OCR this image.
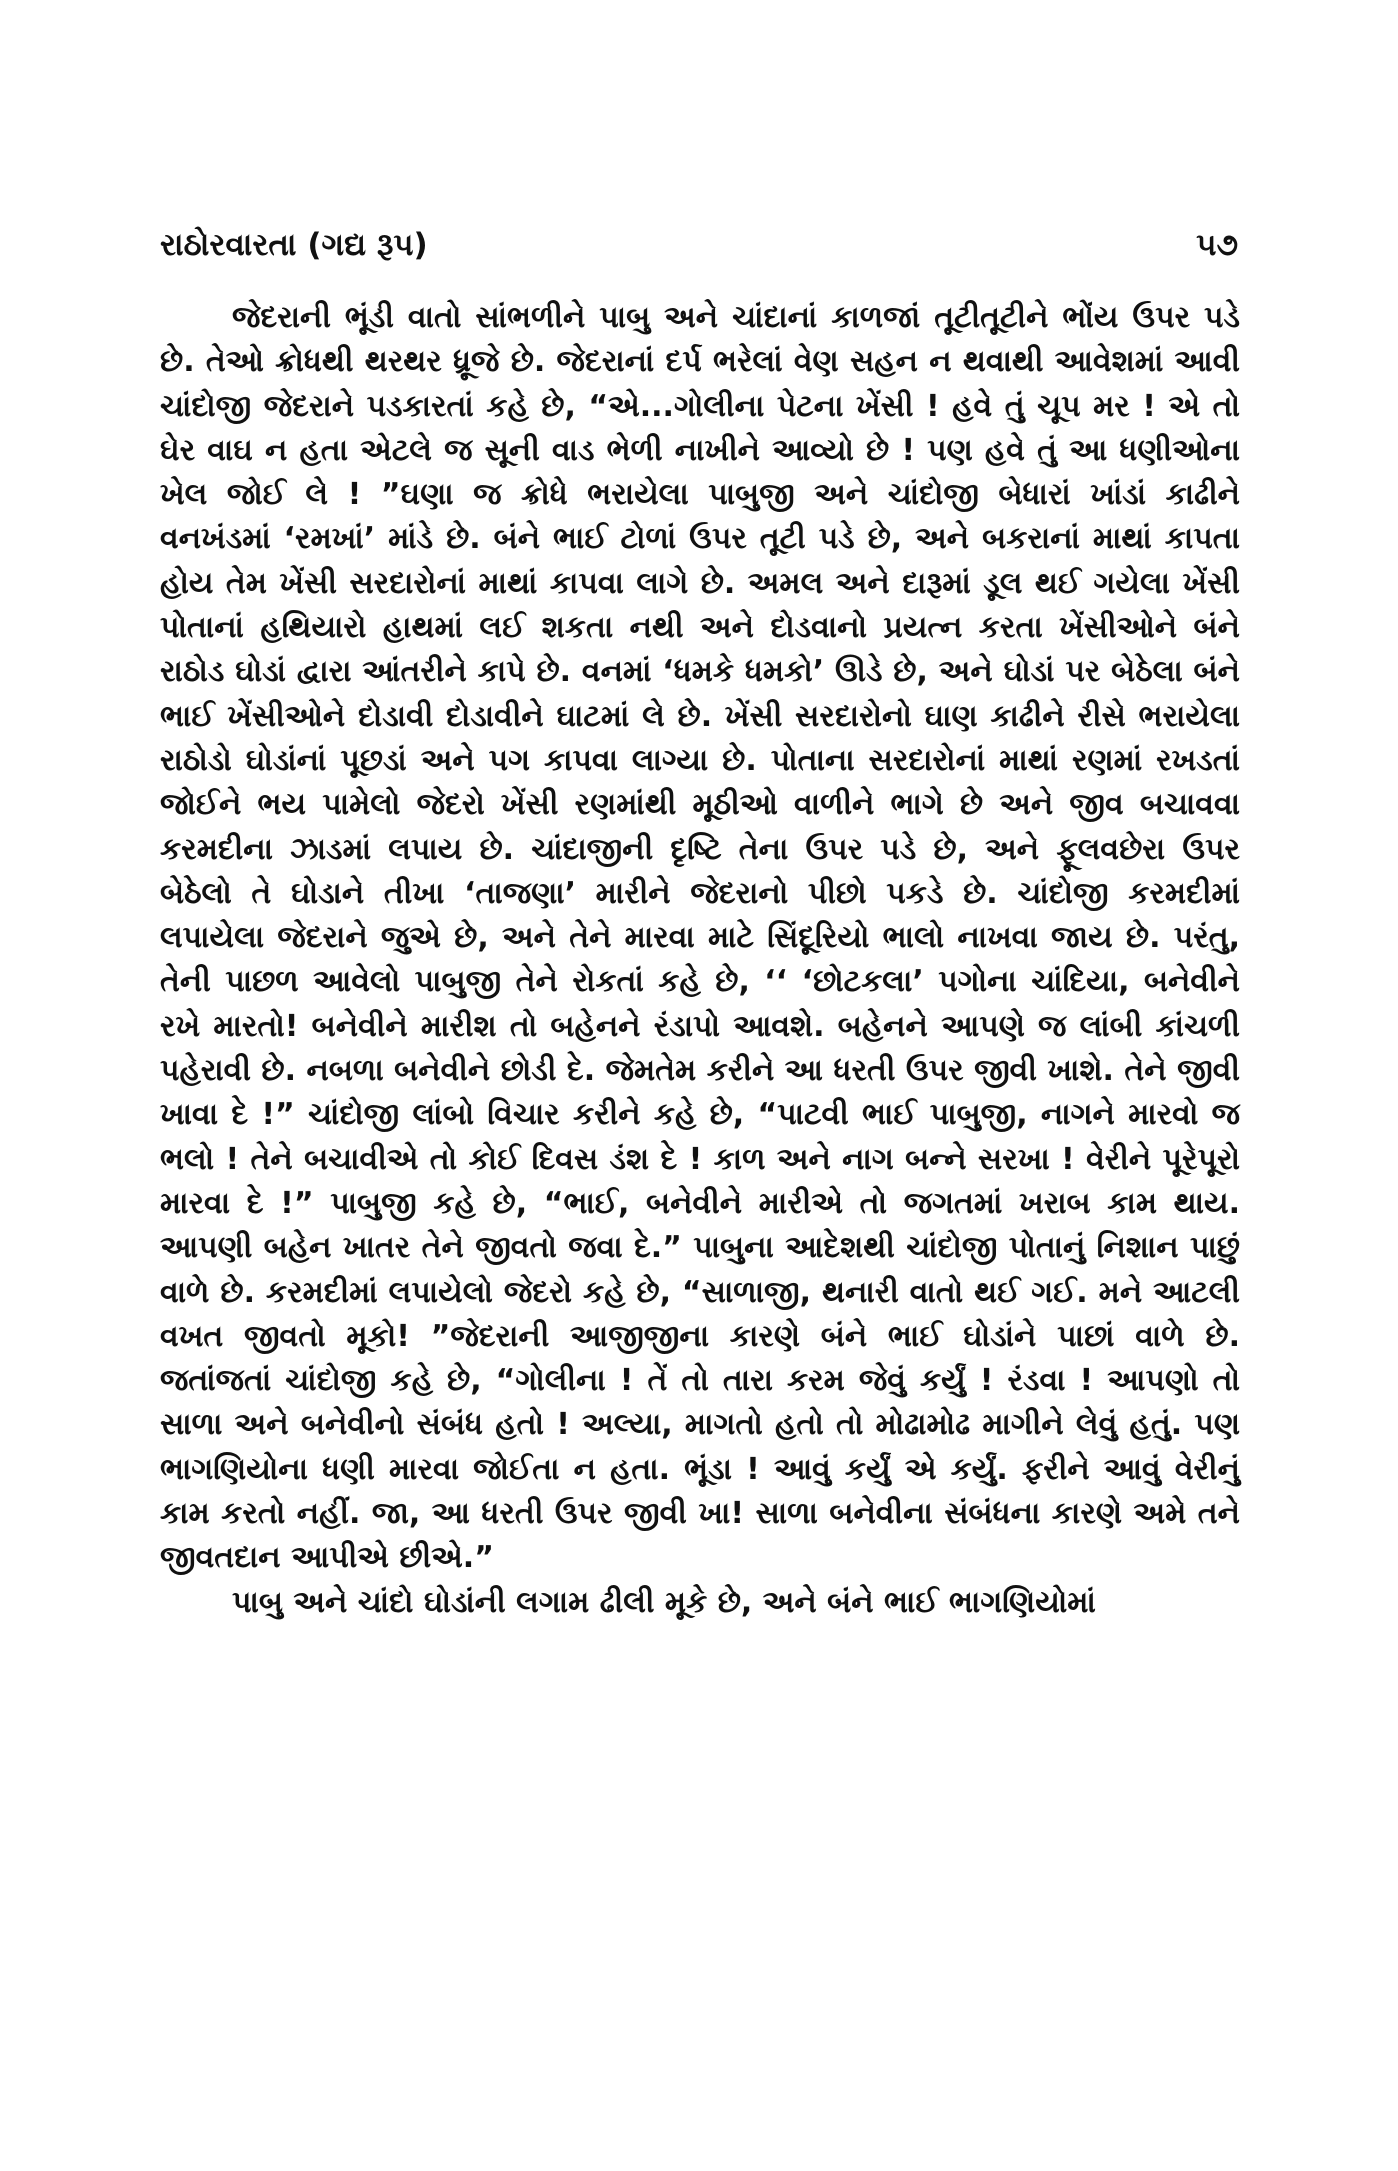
રાઠોરવારતા (ગદ્ય રૂપ)	૫૭

જેદરાની ભૂંડી વાતો સાંભળીને પાબુ અને ચાંદાનાં કાળજાં તૂટીતૂટીને ભોંય ઉપર પડે છે. તેઓ ક્રોધથી થરથર ધ્રૂજે છે. જેદરાનાં દર્પ ભરેલાં વેણ સહન ન થવાથી આવેશમાં આવી ચાંદોજી જેદરાને પડકારતાં કહે છે, “એ...ગોલીના પેટના ખેંસી ! હવે તું ચૂપ મર ! એ તો ઘેર વાઘ ન હતા એટલે જ સૂની વાડ ભેળી નાખીને આવ્યો છે ! પણ હવે તું આ ધણીઓના ખેલ જોઈ લે ! ”ઘણા જ ક્રોધે ભરાયેલા પાબુજી અને ચાંદોજી બેધારાં ખાંડાં કાઢીને વનખંડમાં ‘રમખાં’ માંડે છે. બંને ભાઈ ટોળાં ઉપર તૂટી પડે છે, અને બકરાનાં માથાં કાપતા હોય તેમ ખેંસી સરદારોનાં માથાં કાપવા લાગે છે. અમલ અને દારૂમાં ડૂલ થઈ ગયેલા ખેંસી પોતાનાં હથિયારો હાથમાં લઈ શકતા નથી અને દોડવાનો પ્રયત્ન કરતા ખેંસીઓને બંને રાઠોડ ઘોડાં દ્વારા આંતરીને કાપે છે. વનમાં ‘ધમકે ધમકો’ ઊડે છે, અને ઘોડાં પર બેઠેલા બંને ભાઈ ખેંસીઓને દોડાવી દોડાવીને ઘાટમાં લે છે. ખેંસી સરદારોનો ઘાણ કાઢીને રીસે ભરાયેલા રાઠોડો ઘોડાંનાં પૂછડાં અને પગ કાપવા લાગ્યા છે. પોતાના સરદારોનાં માથાં રણમાં રખડતાં જોઈને ભય પામેલો જેદરો ખેંસી રણમાંથી મૂઠીઓ વાળીને ભાગે છે અને જીવ બચાવવા કરમદીના ઝાડમાં લપાય છે. ચાંદાજીની દૃષ્ટિ તેના ઉપર પડે છે, અને ફૂલવછેરા ઉપર બેઠેલો તે ઘોડાને તીખા ‘તાજણા’ મારીને જેદરાનો પીછો પકડે છે. ચાંદોજી કરમદીમાં લપાયેલા જેદરાને જુએ છે, અને તેને મારવા માટે સિંદૂરિયો ભાલો નાખવા જાય છે. પરંતુ, તેની પાછળ આવેલો પાબુજી તેને રોકતાં કહે છે, ‘‘ ‘છોટકલા’ પગોના ચાંદિયા, બનેવીને રખે મારતો! બનેવીને મારીશ તો બહેનને રંડાપો આવશે. બહેનને આપણે જ લાંબી કાંચળી પહેરાવી છે. નબળા બનેવીને છોડી દે. જેમતેમ કરીને આ ધરતી ઉપર જીવી ખાશે. તેને જીવી ખાવા દે !” ચાંદોજી લાંબો વિચાર કરીને કહે છે, “પાટવી ભાઈ પાબુજી, નાગને મારવો જ ભલો ! તેને બચાવીએ તો કોઈ દિવસ ડંશ દે ! કાળ અને નાગ બન્ને સરખા ! વેરીને પૂરેપૂરો મારવા દે !” પાબુજી કહે છે, “ભાઈ, બનેવીને મારીએ તો જગતમાં ખરાબ કામ થાય. આપણી બહેન ખાતર તેને જીવતો જવા દે.” પાબુના આદેશથી ચાંદોજી પોતાનું નિશાન પાછું વાળે છે. કરમદીમાં લપાયેલો જેદરો કહે છે, “સાળાજી, થનારી વાતો થઈ ગઈ. મને આટલી વખત જીવતો મૂકો! ”જેદરાની આજીજીના કારણે બંને ભાઈ ઘોડાંને પાછાં વાળે છે. જતાંજતાં ચાંદોજી કહે છે, “ગોલીના ! તેં તો તારા કરમ જેવું કર્યું ! રંડવા ! આપણો તો સાળા અને બનેવીનો સંબંધ હતો ! અલ્યા, માગતો હતો તો મોઢામોઢ માગીને લેવું હતું. પણ ભાગણિયોના ધણી મારવા જોઈતા ન હતા. ભૂંડા ! આવું કર્યું એ કર્યું. ફરીને આવું વેરીનું કામ કરતો નહીં. જા, આ ધરતી ઉપર જીવી ખા! સાળા બનેવીના સંબંધના કારણે અમે તને જીવતદાન આપીએ છીએ.”

પાબુ અને ચાંદો ઘોડાંની લગામ ઢીલી મૂકે છે, અને બંને ભાઈ ભાગણિયોમાં
